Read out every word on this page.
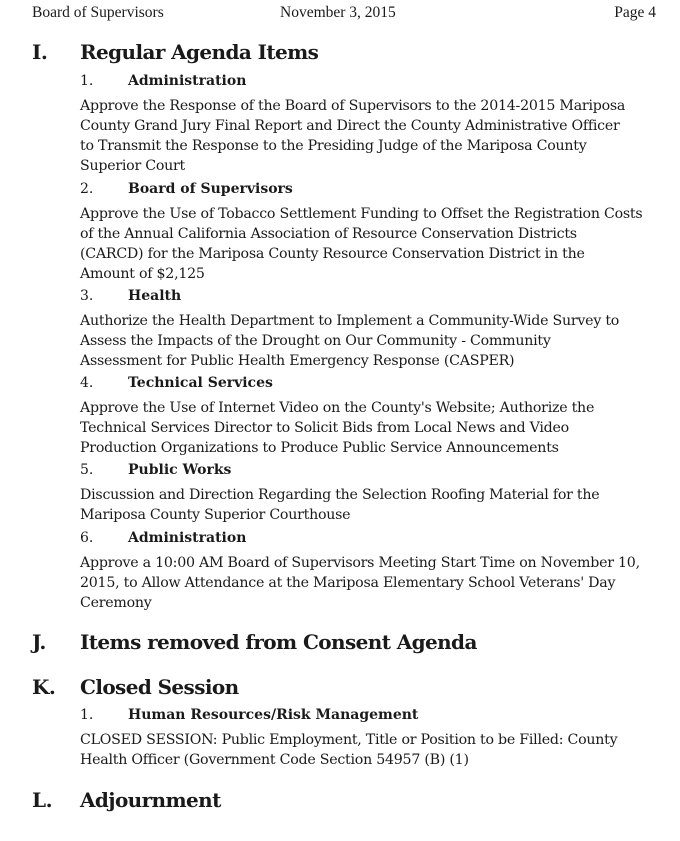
Board of Supervisors	November 3, 2015	Page 4
I. Regular Agenda Items
1. Administration
Approve the Response of the Board of Supervisors to the 2014-2015 Mariposa
County Grand Jury Final Report and Direct the County Administrative Officer
to Transmit the Response to the Presiding Judge of the Mariposa County
Superior Court
2. Board of Supervisors
Approve the Use of Tobacco Settlement Funding to Offset the Registration Costs
of the Annual California Association of Resource Conservation Districts
(CARCD) for the Mariposa County Resource Conservation District in the
Amount of $2,125
3. Health
Authorize the Health Department to Implement a Community-Wide Survey to
Assess the Impacts of the Drought on Our Community - Community
Assessment for Public Health Emergency Response (CASPER)
4. Technical Services
Approve the Use of Internet Video on the County's Website; Authorize the
Technical Services Director to Solicit Bids from Local News and Video
Production Organizations to Produce Public Service Announcements
5. Public Works
Discussion and Direction Regarding the Selection Roofing Material for the
Mariposa County Superior Courthouse
6. Administration
Approve a 10:00 AM Board of Supervisors Meeting Start Time on November 10,
2015, to Allow Attendance at the Mariposa Elementary School Veterans' Day
Ceremony
J. Items removed from Consent Agenda
K. Closed Session
1. Human Resources/Risk Management
CLOSED SESSION: Public Employment, Title or Position to be Filled: County
Health Officer (Government Code Section 54957 (B) (1)
L. Adjournment
